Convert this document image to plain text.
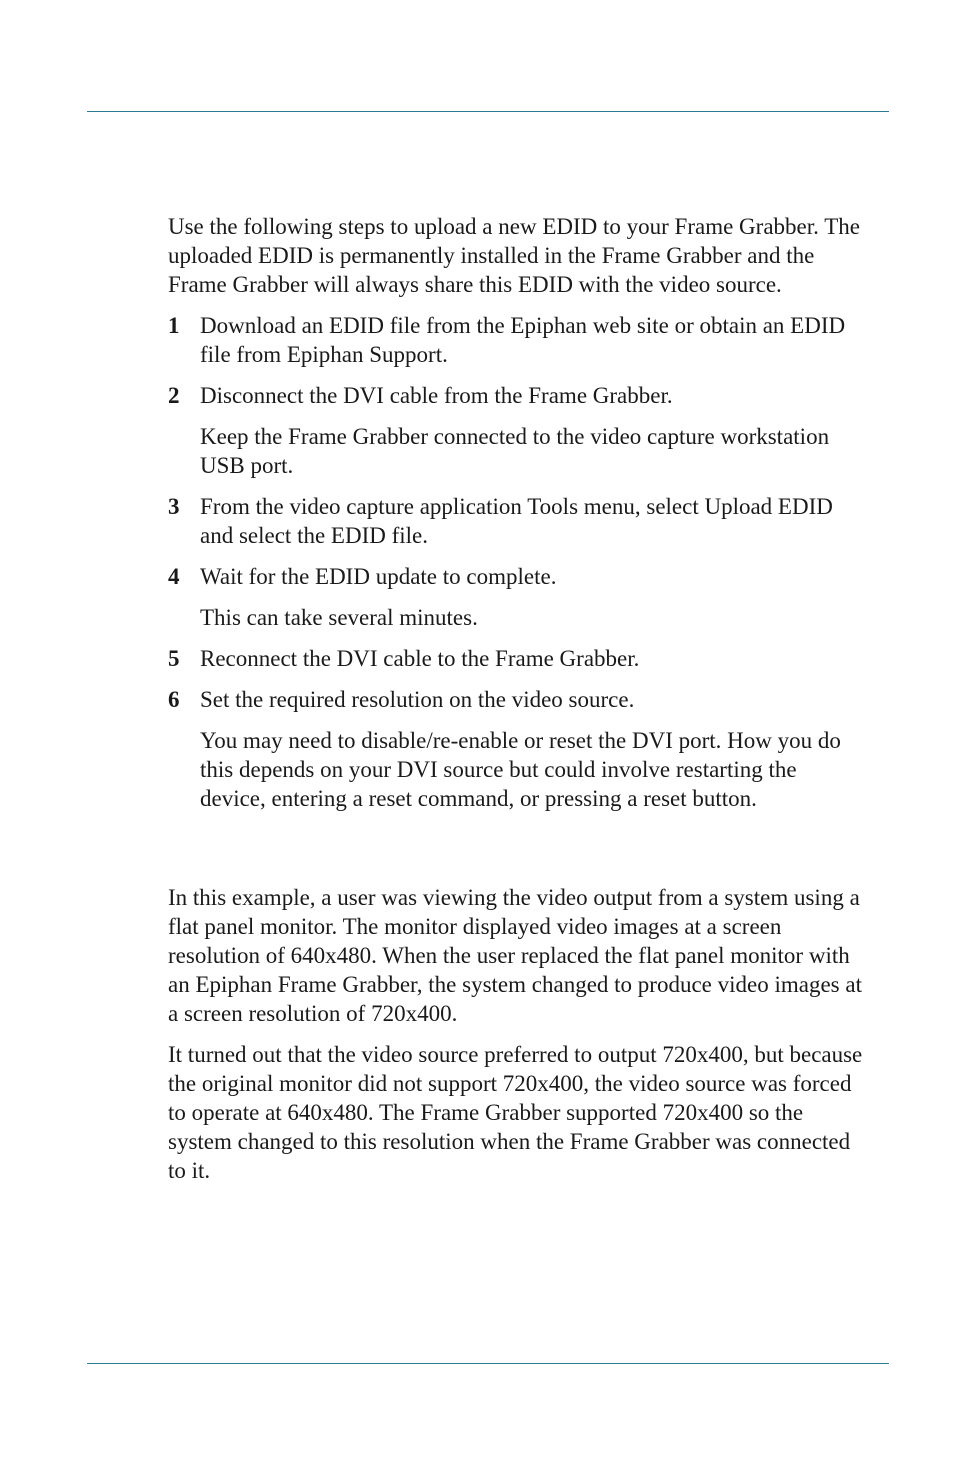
Use the following steps to upload a new EDID to your Frame Grabber. The uploaded EDID is permanently installed in the Frame Grabber and the Frame Grabber will always share this EDID with the video source.

1 Download an EDID file from the Epiphan web site or obtain an EDID file from Epiphan Support.
2 Disconnect the DVI cable from the Frame Grabber.

Keep the Frame Grabber connected to the video capture workstation USB port.

3 From the video capture application Tools menu, select Upload EDID and select the EDID file.
4 Wait for the EDID update to complete.

This can take several minutes.

5 Reconnect the DVI cable to the Frame Grabber.
6 Set the required resolution on the video source.

You may need to disable/re-enable or reset the DVI port. How you do this depends on your DVI source but could involve restarting the device, entering a reset command, or pressing a reset button.

In this example, a user was viewing the video output from a system using a flat panel monitor. The monitor displayed video images at a screen resolution of 640x480. When the user replaced the flat panel monitor with an Epiphan Frame Grabber, the system changed to produce video images at a screen resolution of 720x400.

It turned out that the video source preferred to output 720x400, but because the original monitor did not support 720x400, the video source was forced to operate at 640x480. The Frame Grabber supported 720x400 so the system changed to this resolution when the Frame Grabber was connected to it.
